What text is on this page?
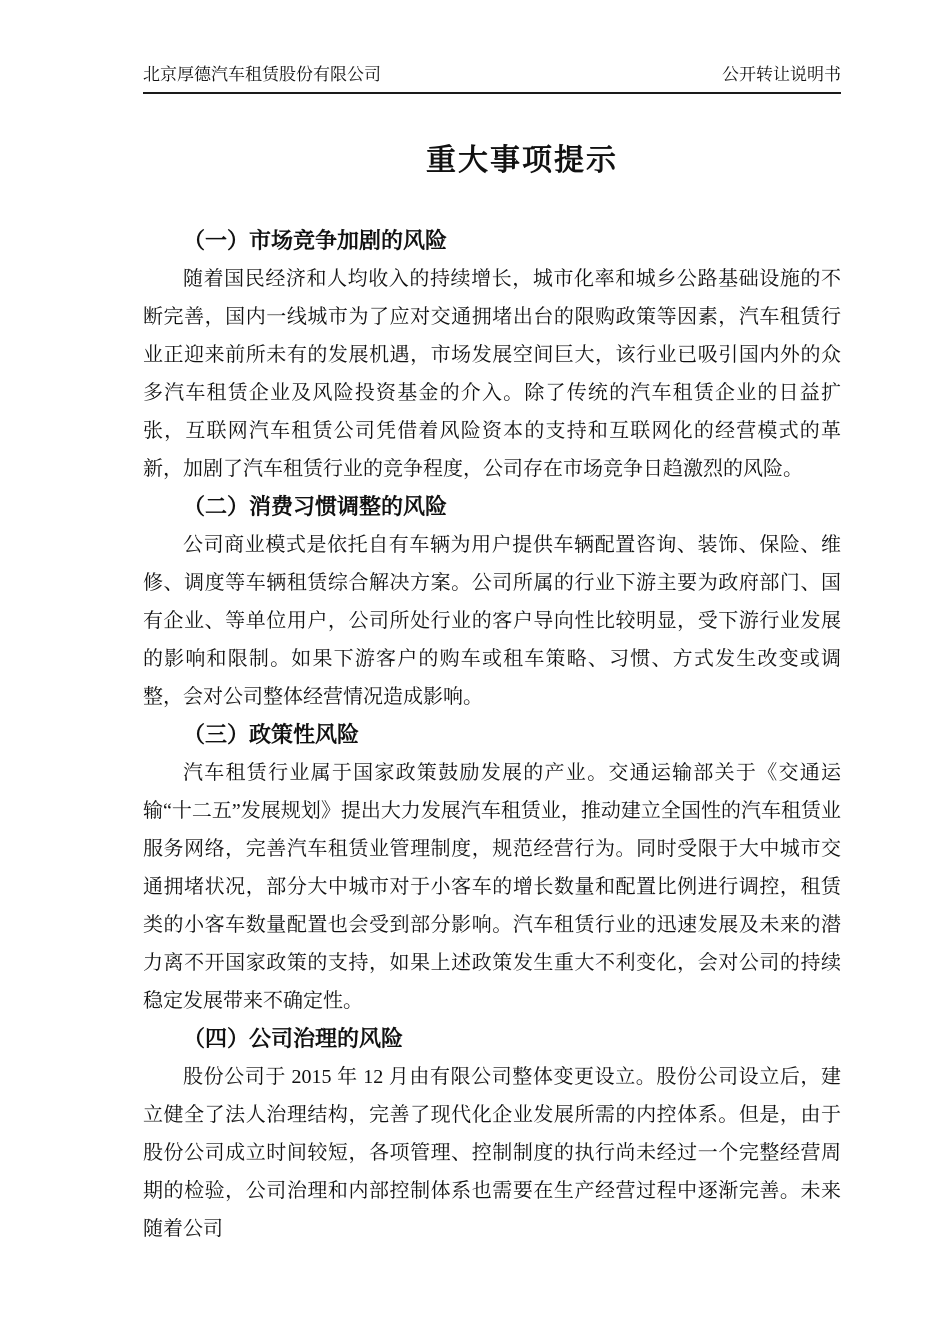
北京厚德汽车租赁股份有限公司	公开转让说明书
重大事项提示
（一）市场竞争加剧的风险

随着国民经济和人均收入的持续增长，城市化率和城乡公路基础设施的不断完善，国内一线城市为了应对交通拥堵出台的限购政策等因素，汽车租赁行业正迎来前所未有的发展机遇，市场发展空间巨大，该行业已吸引国内外的众多汽车租赁企业及风险投资基金的介入。除了传统的汽车租赁企业的日益扩张，互联网汽车租赁公司凭借着风险资本的支持和互联网化的经营模式的革新，加剧了汽车租赁行业的竞争程度，公司存在市场竞争日趋激烈的风险。

（二）消费习惯调整的风险

公司商业模式是依托自有车辆为用户提供车辆配置咨询、装饰、保险、维修、调度等车辆租赁综合解决方案。公司所属的行业下游主要为政府部门、国有企业、等单位用户，公司所处行业的客户导向性比较明显，受下游行业发展的影响和限制。如果下游客户的购车或租车策略、习惯、方式发生改变或调整，会对公司整体经营情况造成影响。

（三）政策性风险

汽车租赁行业属于国家政策鼓励发展的产业。交通运输部关于《交通运输“十二五”发展规划》提出大力发展汽车租赁业，推动建立全国性的汽车租赁业服务网络，完善汽车租赁业管理制度，规范经营行为。同时受限于大中城市交通拥堵状况，部分大中城市对于小客车的增长数量和配置比例进行调控，租赁类的小客车数量配置也会受到部分影响。汽车租赁行业的迅速发展及未来的潜力离不开国家政策的支持，如果上述政策发生重大不利变化，会对公司的持续稳定发展带来不确定性。

（四）公司治理的风险

股份公司于 2015 年 12 月由有限公司整体变更设立。股份公司设立后，建立健全了法人治理结构，完善了现代化企业发展所需的内控体系。但是，由于股份公司成立时间较短，各项管理、控制制度的执行尚未经过一个完整经营周期的检验，公司治理和内部控制体系也需要在生产经营过程中逐渐完善。未来随着公司
